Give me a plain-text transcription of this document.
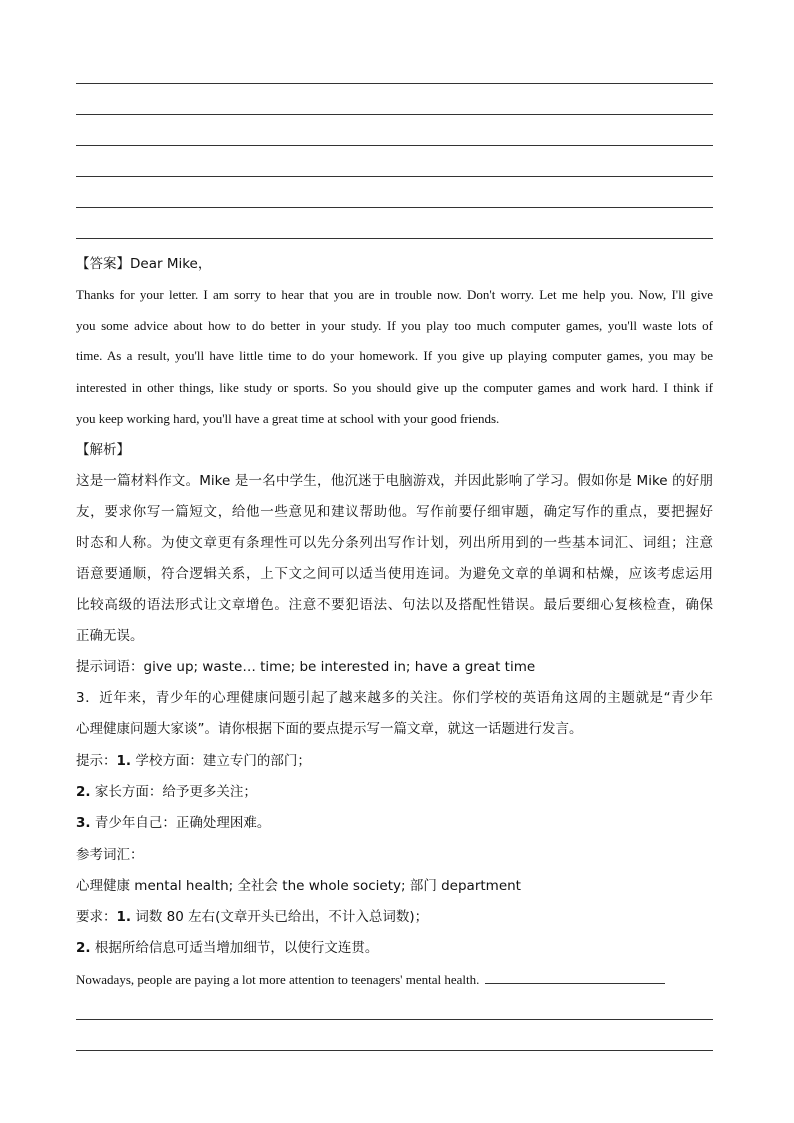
【答案】Dear Mike，
Thanks for your letter. I am sorry to hear that you are in trouble now. Don't worry. Let me help you. Now, I'll give
you some advice about how to do better in your study. If you play too much computer games, you'll waste lots of
time. As a result, you'll have little time to do your homework. If you give up playing computer games, you may be
interested in other things, like study or sports. So you should give up the computer games and work hard. I think if
you keep working hard, you'll have a great time at school with your good friends.
【解析】
这是一篇材料作文。Mike 是一名中学生，他沉迷于电脑游戏，并因此影响了学习。假如你是 Mike 的好朋
友，要求你写一篇短文，给他一些意见和建议帮助他。写作前要仔细审题，确定写作的重点，要把握好
时态和人称。为使文章更有条理性可以先分条列出写作计划，列出所用到的一些基本词汇、词组；注意
语意要通顺，符合逻辑关系，上下文之间可以适当使用连词。为避免文章的单调和枯燥，应该考虑运用
比较高级的语法形式让文章增色。注意不要犯语法、句法以及搭配性错误。最后要细心复核检查，确保
正确无误。
提示词语：give up; waste… time; be interested in; have a great time
3．近年来，青少年的心理健康问题引起了越来越多的关注。你们学校的英语角这周的主题就是“青少年
心理健康问题大家谈”。请你根据下面的要点提示写一篇文章，就这一话题进行发言。
提示：1. 学校方面：建立专门的部门；
2. 家长方面：给予更多关注；
3. 青少年自己：正确处理困难。
参考词汇：
心理健康 mental health; 全社会 the whole society; 部门 department
要求：1. 词数 80 左右(文章开头已给出，不计入总词数)；
2. 根据所给信息可适当增加细节，以使行文连贯。
Nowadays, people are paying a lot more attention to teenagers' mental health.
